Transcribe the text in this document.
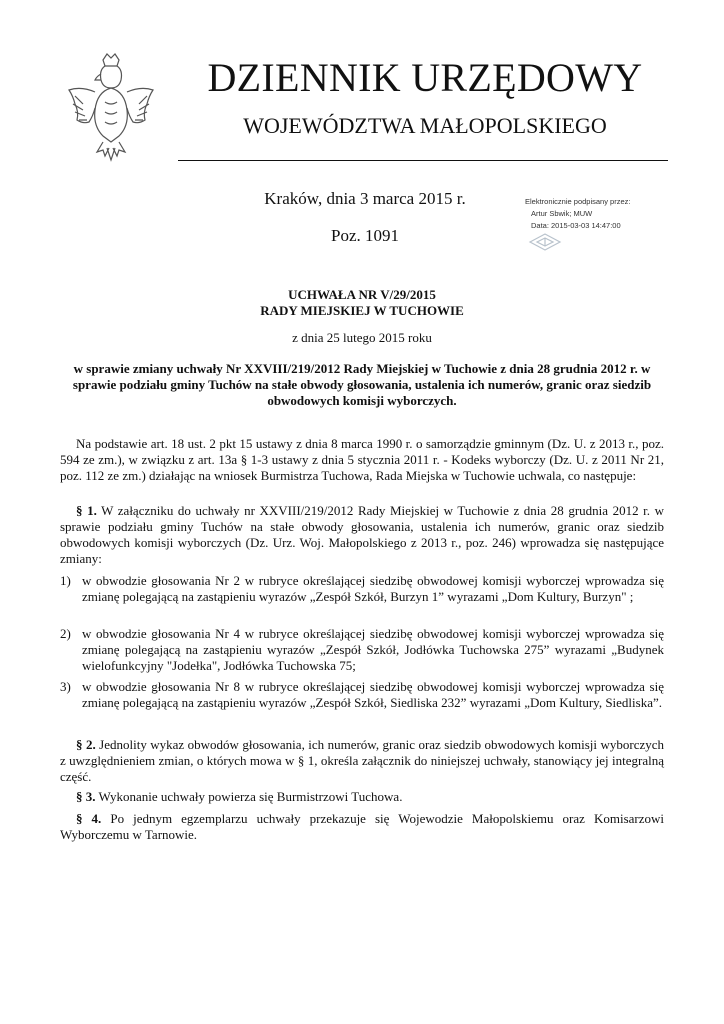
DZIENNIK URZĘDOWY
WOJEWÓDZTWA MAŁOPOLSKIEGO
Kraków, dnia 3 marca 2015 r.
Poz. 1091
Elektronicznie podpisany przez:
Artur Sbwik; MUW
Data: 2015-03-03 14:47:00
UCHWAŁA NR V/29/2015
RADY MIEJSKIEJ W TUCHOWIE
z dnia 25 lutego 2015 roku
w sprawie zmiany uchwały Nr XXVIII/219/2012 Rady Miejskiej w Tuchowie z dnia 28 grudnia 2012 r. w sprawie podziału gminy Tuchów na stałe obwody głosowania, ustalenia ich numerów, granic oraz siedzib obwodowych komisji wyborczych.
Na podstawie art. 18 ust. 2 pkt 15 ustawy z dnia 8 marca 1990 r. o samorządzie gminnym (Dz. U. z 2013 r., poz. 594 ze zm.), w związku z art. 13a § 1-3 ustawy z dnia 5 stycznia 2011 r. - Kodeks wyborczy (Dz. U. z 2011 Nr 21, poz. 112 ze zm.) działając na wniosek Burmistrza Tuchowa, Rada Miejska w Tuchowie uchwala, co następuje:
§ 1. W załączniku do uchwały nr XXVIII/219/2012 Rady Miejskiej w Tuchowie z dnia 28 grudnia 2012 r. w sprawie podziału gminy Tuchów na stałe obwody głosowania, ustalenia ich numerów, granic oraz siedzib obwodowych komisji wyborczych (Dz. Urz. Woj. Małopolskiego z 2013 r., poz. 246) wprowadza się następujące zmiany:
1) w obwodzie głosowania Nr 2 w rubryce określającej siedzibę obwodowej komisji wyborczej wprowadza się zmianę polegającą na zastąpieniu wyrazów „Zespół Szkół, Burzyn 1” wyrazami „Dom Kultury, Burzyn" ;
2) w obwodzie głosowania Nr 4 w rubryce określającej siedzibę obwodowej komisji wyborczej wprowadza się zmianę polegającą na zastąpieniu wyrazów „Zespół Szkół, Jodłówka Tuchowska 275” wyrazami „Budynek wielofunkcyjny "Jodełka", Jodłówka Tuchowska 75;
3) w obwodzie głosowania Nr 8 w rubryce określającej siedzibę obwodowej komisji wyborczej wprowadza się zmianę polegającą na zastąpieniu wyrazów „Zespół Szkół, Siedliska 232” wyrazami „Dom Kultury, Siedliska”.
§ 2. Jednolity wykaz obwodów głosowania, ich numerów, granic oraz siedzib obwodowych komisji wyborczych z uwzględnieniem zmian, o których mowa w § 1, określa załącznik do niniejszej uchwały, stanowiący jej integralną część.
§ 3. Wykonanie uchwały powierza się Burmistrzowi Tuchowa.
§ 4. Po jednym egzemplarzu uchwały przekazuje się Wojewodzie Małopolskiemu oraz Komisarzowi Wyborczemu w Tarnowie.
